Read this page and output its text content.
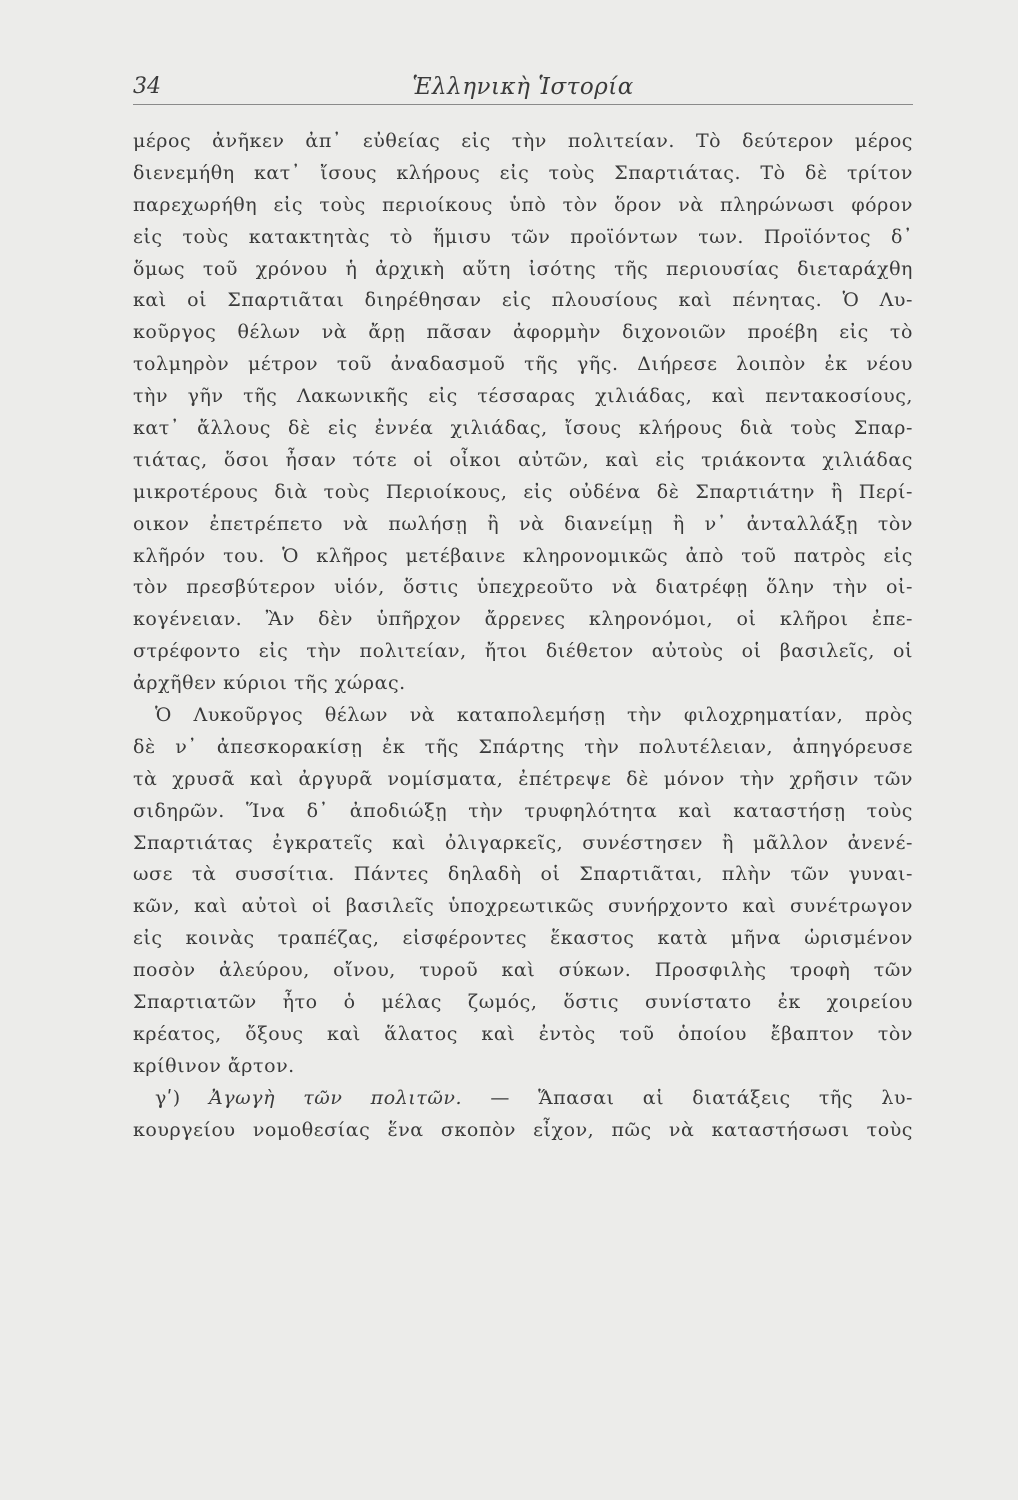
34	Ἑλληνικὴ Ἱστορία
μέρος ἀνῆκεν ἀπ᾽ εὐθείας εἰς τὴν πολιτείαν. Τὸ δεύτερον μέρος
διενεμήθη κατ᾽ ἴσους κλήρους εἰς τοὺς Σπαρτιάτας. Τὸ δὲ τρίτον
παρεχωρήθη εἰς τοὺς περιοίκους ὑπὸ τὸν ὅρον νὰ πληρώνωσι φόρον
εἰς τοὺς κατακτητὰς τὸ ἥμισυ τῶν προϊόντων των. Προϊόντος δ᾽
ὅμως τοῦ χρόνου ἡ ἀρχικὴ αὕτη ἰσότης τῆς περιουσίας διεταράχθη
καὶ οἱ Σπαρτιᾶται διηρέθησαν εἰς πλουσίους καὶ πένητας. Ὁ Λυ-
κοῦργος θέλων νὰ ἄρῃ πᾶσαν ἀφορμὴν διχονοιῶν προέβη εἰς τὸ
τολμηρὸν μέτρον τοῦ ἀναδασμοῦ τῆς γῆς. Διήρεσε λοιπὸν ἐκ νέου
τὴν γῆν τῆς Λακωνικῆς εἰς τέσσαρας χιλιάδας, καὶ πεντακοσίους,
κατ᾽ ἄλλους δὲ εἰς ἐννέα χιλιάδας, ἴσους κλήρους διὰ τοὺς Σπαρ-
τιάτας, ὅσοι ἦσαν τότε οἱ οἶκοι αὐτῶν, καὶ εἰς τριάκοντα χιλιάδας
μικροτέρους διὰ τοὺς Περιοίκους, εἰς οὐδένα δὲ Σπαρτιάτην ἢ Περί-
οικον ἐπετρέπετο νὰ πωλήσῃ ἢ νὰ διανείμῃ ἢ ν᾽ ἀνταλλάξῃ τὸν
κλῆρόν του. Ὁ κλῆρος μετέβαινε κληρονομικῶς ἀπὸ τοῦ πατρὸς εἰς
τὸν πρεσβύτερον υἱόν, ὅστις ὑπεχρεοῦτο νὰ διατρέφῃ ὅλην τὴν οἰ-
κογένειαν. Ἂν δὲν ὑπῆρχον ἄρρενες κληρονόμοι, οἱ κλῆροι ἐπε-
στρέφοντο εἰς τὴν πολιτείαν, ἤτοι διέθετον αὐτοὺς οἱ βασιλεῖς, οἱ
ἀρχῆθεν κύριοι τῆς χώρας.
Ὁ Λυκοῦργος θέλων νὰ καταπολεμήσῃ τὴν φιλοχρηματίαν, πρὸς
δὲ ν᾽ ἀπεσκορακίσῃ ἐκ τῆς Σπάρτης τὴν πολυτέλειαν, ἀπηγόρευσε
τὰ χρυσᾶ καὶ ἀργυρᾶ νομίσματα, ἐπέτρεψε δὲ μόνον τὴν χρῆσιν τῶν
σιδηρῶν. Ἵνα δ᾽ ἀποδιώξῃ τὴν τρυφηλότητα καὶ καταστήσῃ τοὺς
Σπαρτιάτας ἐγκρατεῖς καὶ ὀλιγαρκεῖς, συνέστησεν ἢ μᾶλλον ἀνενέ-
ωσε τὰ συσσίτια. Πάντες δηλαδὴ οἱ Σπαρτιᾶται, πλὴν τῶν γυναι-
κῶν, καὶ αὐτοὶ οἱ βασιλεῖς ὑποχρεωτικῶς συνήρχοντο καὶ συνέτρωγον
εἰς κοινὰς τραπέζας, εἰσφέροντες ἕκαστος κατὰ μῆνα ὡρισμένον
ποσὸν ἀλεύρου, οἴνου, τυροῦ καὶ σύκων. Προσφιλὴς τροφὴ τῶν
Σπαρτιατῶν ἦτο ὁ μέλας ζωμός, ὅστις συνίστατο ἐκ χοιρείου
κρέατος, ὄξους καὶ ἅλατος καὶ ἐντὸς τοῦ ὁποίου ἔβαπτον τὸν
κρίθινον ἄρτον.
γʹ) Ἀγωγὴ τῶν πολιτῶν. — Ἅπασαι αἱ διατάξεις τῆς λυ-
κουργείου νομοθεσίας ἕνα σκοπὸν εἶχον, πῶς νὰ καταστήσωσι τοὺς
